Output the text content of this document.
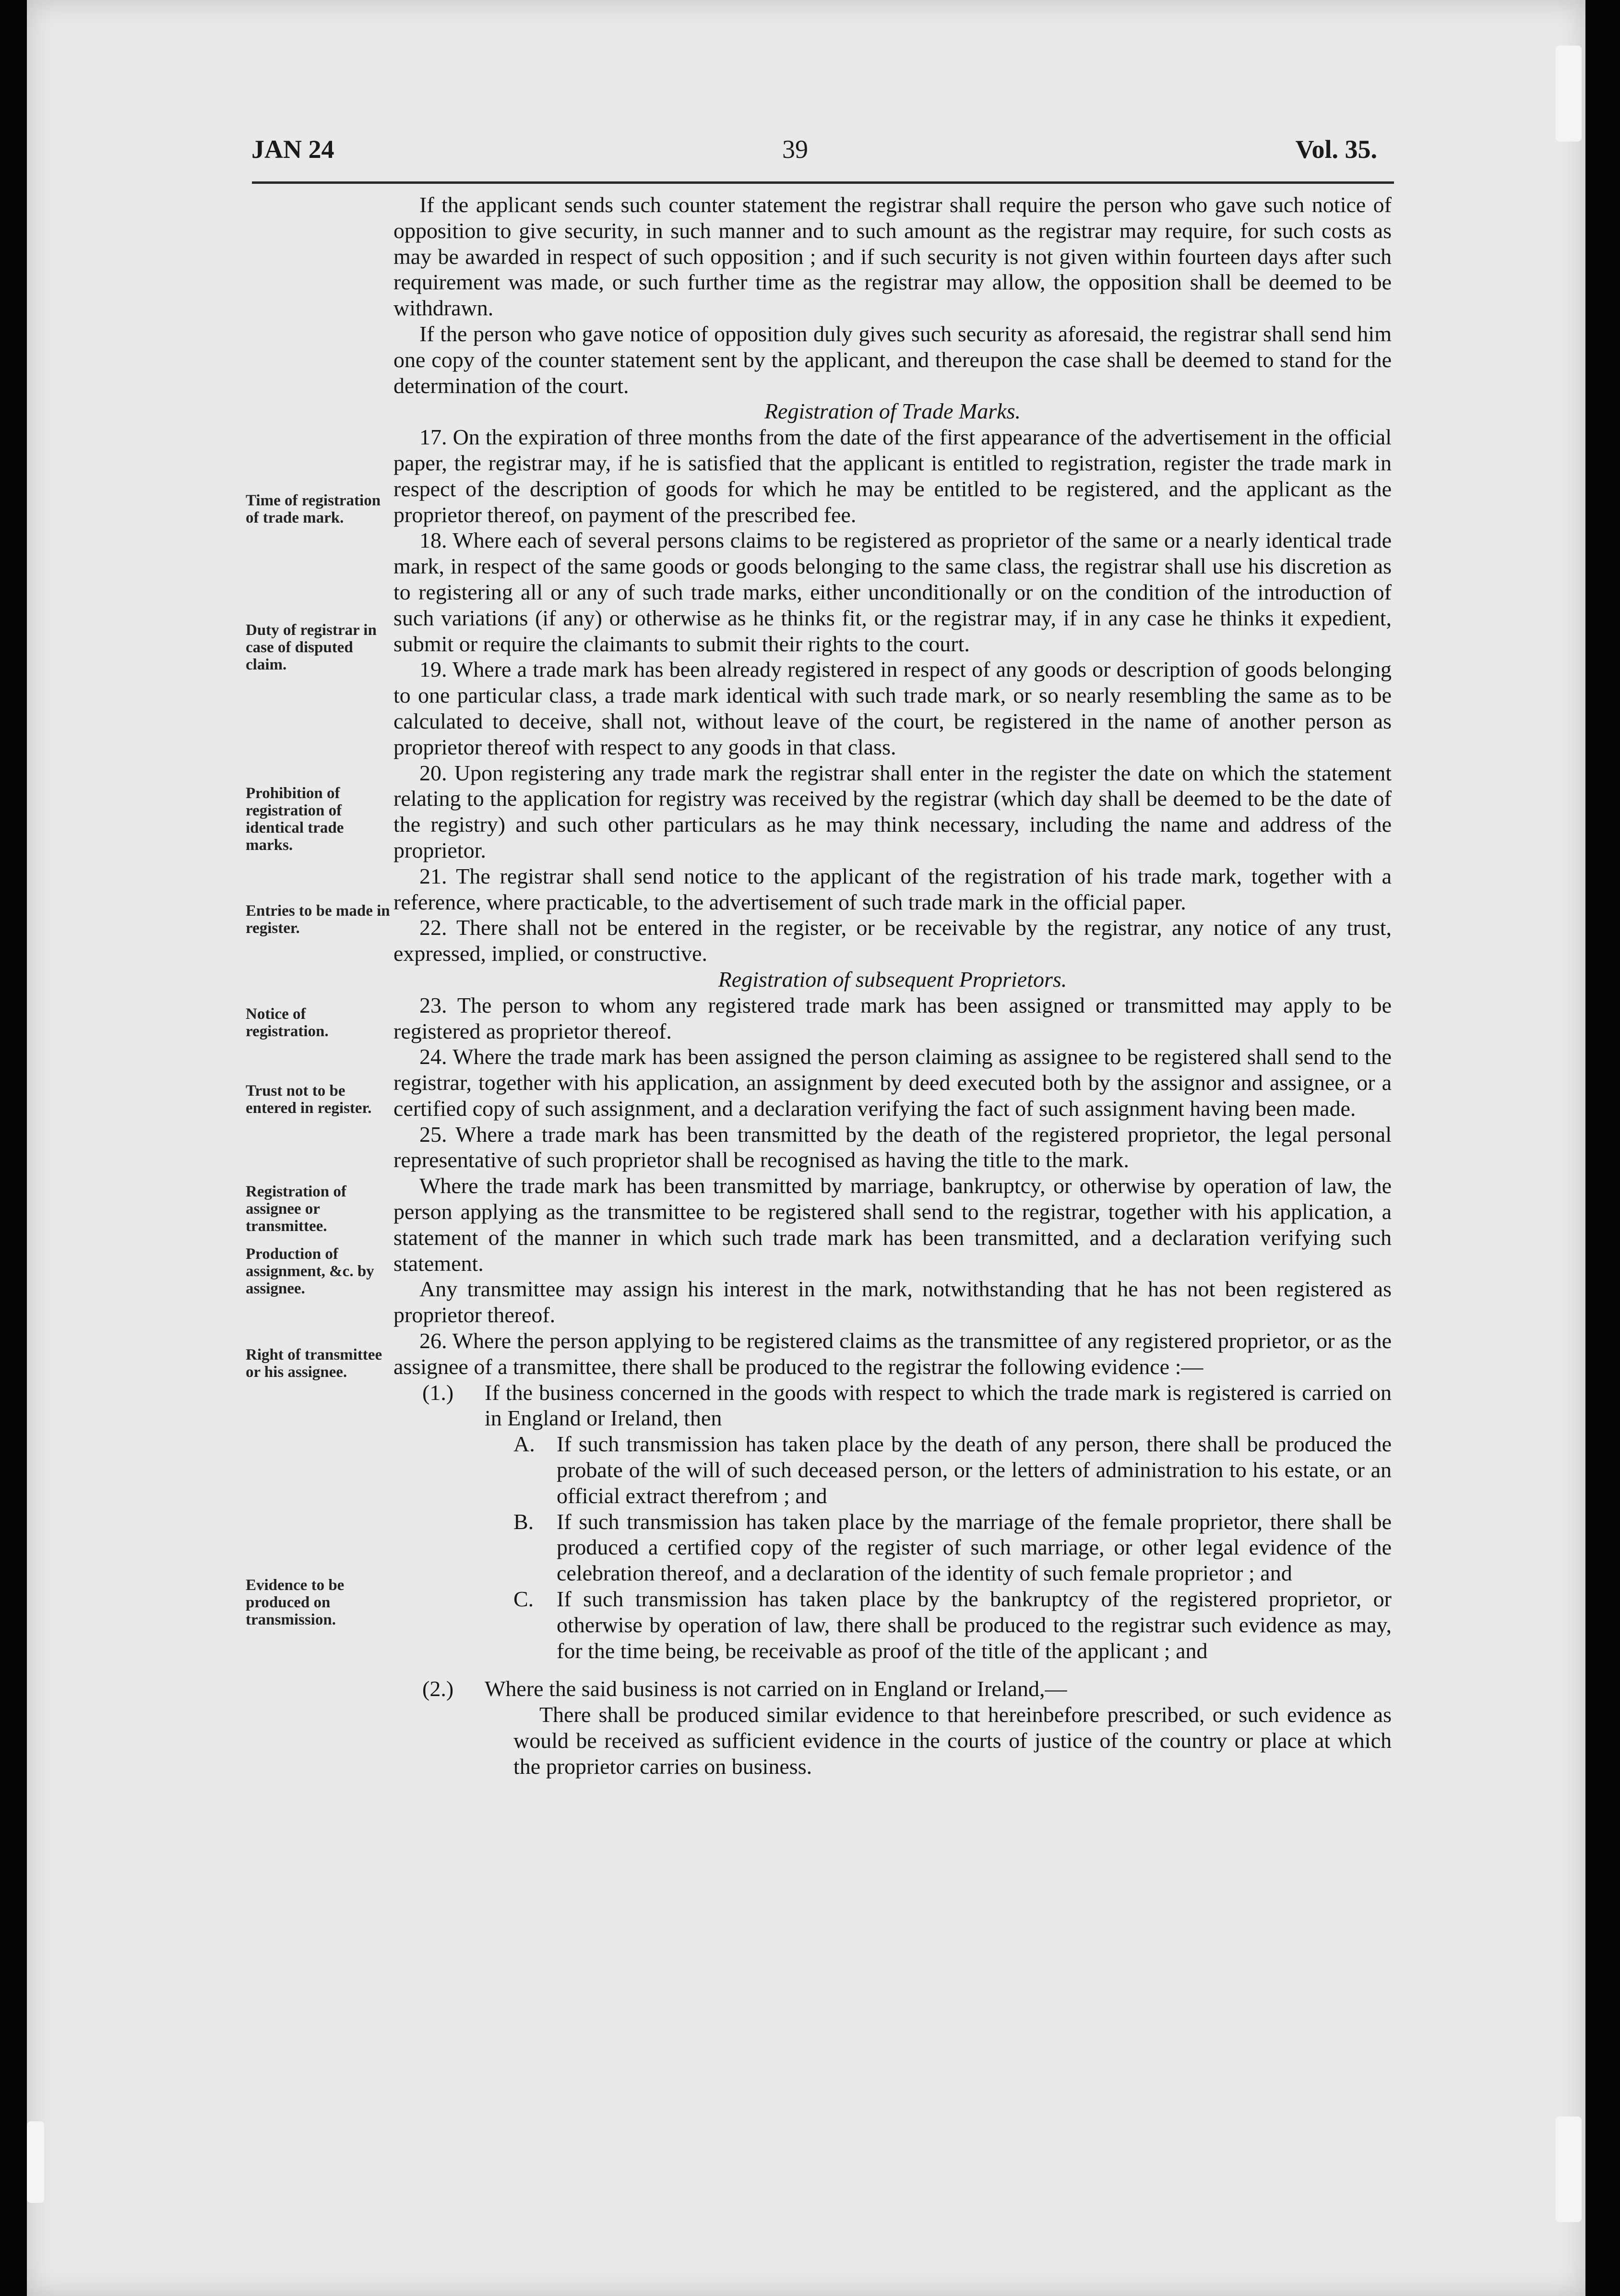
JAN 24	39	Vol. 35.
Time of registration of trade mark.
Duty of registrar in case of disputed claim.
Prohibition of registration of identical trade marks.
Entries to be made in register.
Notice of registration.
Trust not to be entered in register.
Registration of assignee or transmittee.
Production of assignment, &c. by assignee.
Right of transmittee or his assignee.
Evidence to be produced on transmission.

If the applicant sends such counter statement the registrar shall require the person who gave such notice of opposition to give security, in such manner and to such amount as the registrar may require, for such costs as may be awarded in respect of such opposition ; and if such security is not given within fourteen days after such requirement was made, or such further time as the registrar may allow, the opposition shall be deemed to be withdrawn.

If the person who gave notice of opposition duly gives such security as aforesaid, the registrar shall send him one copy of the counter statement sent by the applicant, and thereupon the case shall be deemed to stand for the determination of the court.

Registration of Trade Marks.

17. On the expiration of three months from the date of the first appearance of the advertisement in the official paper, the registrar may, if he is satisfied that the applicant is entitled to registration, register the trade mark in respect of the description of goods for which he may be entitled to be registered, and the applicant as the proprietor thereof, on payment of the prescribed fee.

18. Where each of several persons claims to be registered as proprietor of the same or a nearly identical trade mark, in respect of the same goods or goods belonging to the same class, the registrar shall use his discretion as to registering all or any of such trade marks, either unconditionally or on the condition of the introduction of such variations (if any) or otherwise as he thinks fit, or the registrar may, if in any case he thinks it expedient, submit or require the claimants to submit their rights to the court.

19. Where a trade mark has been already registered in respect of any goods or description of goods belonging to one particular class, a trade mark identical with such trade mark, or so nearly resembling the same as to be calculated to deceive, shall not, without leave of the court, be registered in the name of another person as proprietor thereof with respect to any goods in that class.

20. Upon registering any trade mark the registrar shall enter in the register the date on which the statement relating to the application for registry was received by the registrar (which day shall be deemed to be the date of the registry) and such other particulars as he may think necessary, including the name and address of the proprietor.

21. The registrar shall send notice to the applicant of the registration of his trade mark, together with a reference, where practicable, to the advertisement of such trade mark in the official paper.

22. There shall not be entered in the register, or be receivable by the registrar, any notice of any trust, expressed, implied, or constructive.

Registration of subsequent Proprietors.

23. The person to whom any registered trade mark has been assigned or transmitted may apply to be registered as proprietor thereof.

24. Where the trade mark has been assigned the person claiming as assignee to be registered shall send to the registrar, together with his application, an assignment by deed executed both by the assignor and assignee, or a certified copy of such assignment, and a declaration verifying the fact of such assignment having been made.

25. Where a trade mark has been transmitted by the death of the registered proprietor, the legal personal representative of such proprietor shall be recognised as having the title to the mark.

Where the trade mark has been transmitted by marriage, bankruptcy, or otherwise by operation of law, the person applying as the transmittee to be registered shall send to the registrar, together with his application, a statement of the manner in which such trade mark has been transmitted, and a declaration verifying such statement.

Any transmittee may assign his interest in the mark, notwithstanding that he has not been registered as proprietor thereof.

26. Where the person applying to be registered claims as the transmittee of any registered proprietor, or as the assignee of a transmittee, there shall be produced to the registrar the following evidence :—

(1.)	If the business concerned in the goods with respect to which the trade mark is registered is carried on in England or Ireland, then
A. If such transmission has taken place by the death of any person, there shall be produced the probate of the will of such deceased person, or the letters of administration to his estate, or an official extract therefrom ; and
B.	If such transmission has taken place by the marriage of the female proprietor, there shall be produced a certified copy of the register of such marriage, or other legal evidence of the celebration thereof, and a declaration of the identity of such female proprietor ; and
C.	If such transmission has taken place by the bankruptcy of the registered proprietor, or otherwise by operation of law, there shall be produced to the registrar such evidence as may, for the time being, be receivable as proof of the title of the applicant ; and
(2.)	Where the said business is not carried on in England or Ireland,—

There shall be produced similar evidence to that hereinbefore prescribed, or such evidence as would be received as sufficient evidence in the courts of justice of the country or place at which the proprietor carries on business.
